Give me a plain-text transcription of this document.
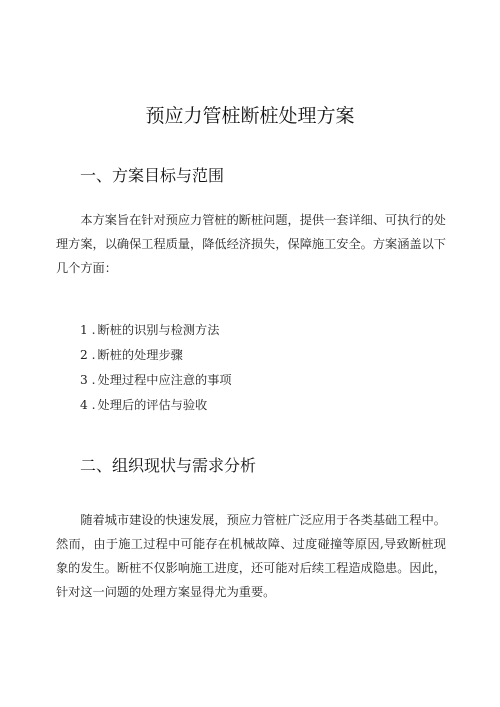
预应力管桩断桩处理方案
一、方案目标与范围

　　本方案旨在针对预应力管桩的断桩问题，提供一套详细、可执行的处理方案，以确保工程质量，降低经济损失，保障施工安全。方案涵盖以下几个方面：

1 . 断桩的识别与检测方法
2 . 断桩的处理步骤
3 . 处理过程中应注意的事项
4 . 处理后的评估与验收
二、组织现状与需求分析

　　随着城市建设的快速发展，预应力管桩广泛应用于各类基础工程中。然而，由于施工过程中可能存在机械故障、过度碰撞等原因,导致断桩现象的发生。断桩不仅影响施工进度，还可能对后续工程造成隐患。因此，针对这一问题的处理方案显得尤为重要。
